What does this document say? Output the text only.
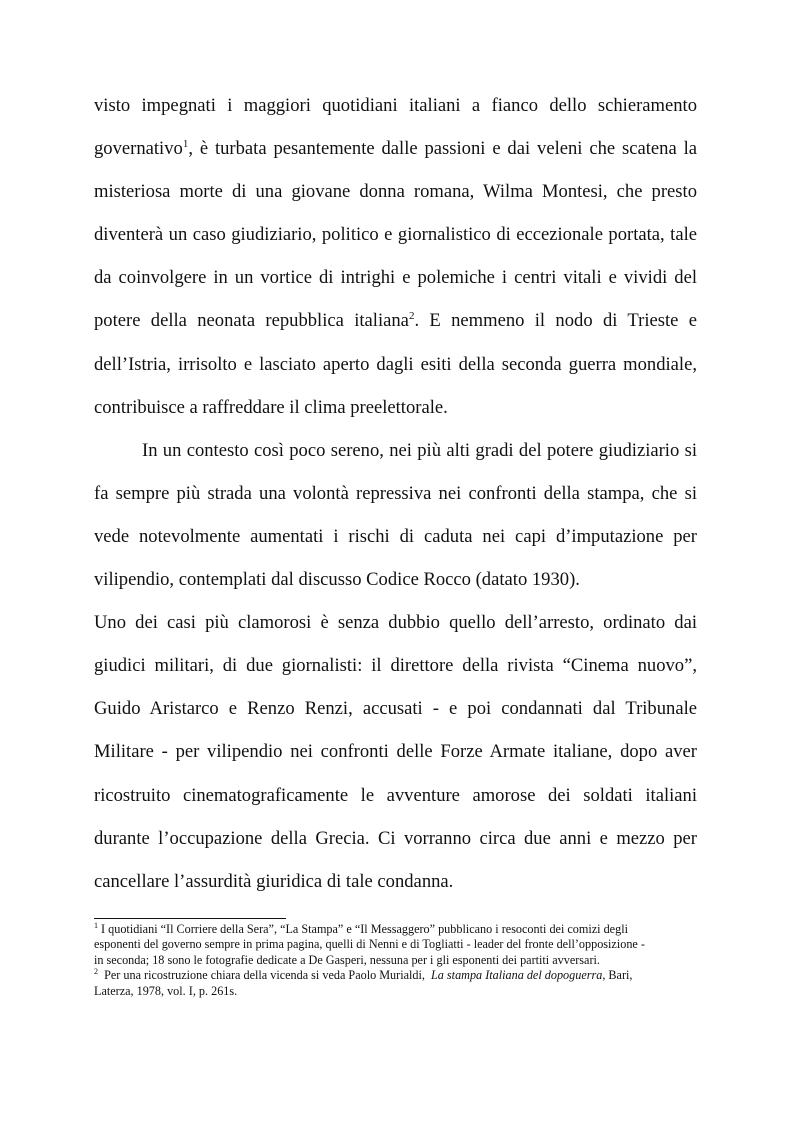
visto impegnati i maggiori quotidiani italiani a fianco dello schieramento
governativo$^1$, è turbata pesantemente dalle passioni e dai veleni che scatena la
misteriosa morte di una giovane donna romana, Wilma Montesi, che presto
diventerà un caso giudiziario, politico e giornalistico di eccezionale portata, tale
da coinvolgere in un vortice di intrighi e polemiche i centri vitali e vividi del
potere della neonata repubblica italiana$^2$. E nemmeno il nodo di Trieste e
dell’Istria, irrisolto e lasciato aperto dagli esiti della seconda guerra mondiale,
contribuisce a raffreddare il clima preelettorale.
In un contesto così poco sereno, nei più alti gradi del potere giudiziario si
fa sempre più strada una volontà repressiva nei confronti della stampa, che si
vede notevolmente aumentati i rischi di caduta nei capi d’imputazione per
vilipendio, contemplati dal discusso Codice Rocco (datato 1930).
Uno dei casi più clamorosi è senza dubbio quello dell’arresto, ordinato dai
giudici militari, di due giornalisti: il direttore della rivista “Cinema nuovo”,
Guido Aristarco e Renzo Renzi, accusati - e poi condannati dal Tribunale
Militare - per vilipendio nei confronti delle Forze Armate italiane, dopo aver
ricostruito cinematograficamente le avventure amorose dei soldati italiani
durante l’occupazione della Grecia. Ci vorranno circa due anni e mezzo per
cancellare l’assurdità giuridica di tale condanna.
$^1$ I quotidiani “Il Corriere della Sera”, “La Stampa” e “Il Messaggero” pubblicano i resoconti dei comizi degli
esponenti del governo sempre in prima pagina, quelli di Nenni e di Togliatti - leader del fronte dell’opposizione -
in seconda; 18 sono le fotografie dedicate a De Gasperi, nessuna per i gli esponenti dei partiti avversari.
$^2$  Per una ricostruzione chiara della vicenda si veda Paolo Murialdi,  La stampa Italiana del dopoguerra, Bari,
Laterza, 1978, vol. I, p. 261s.
